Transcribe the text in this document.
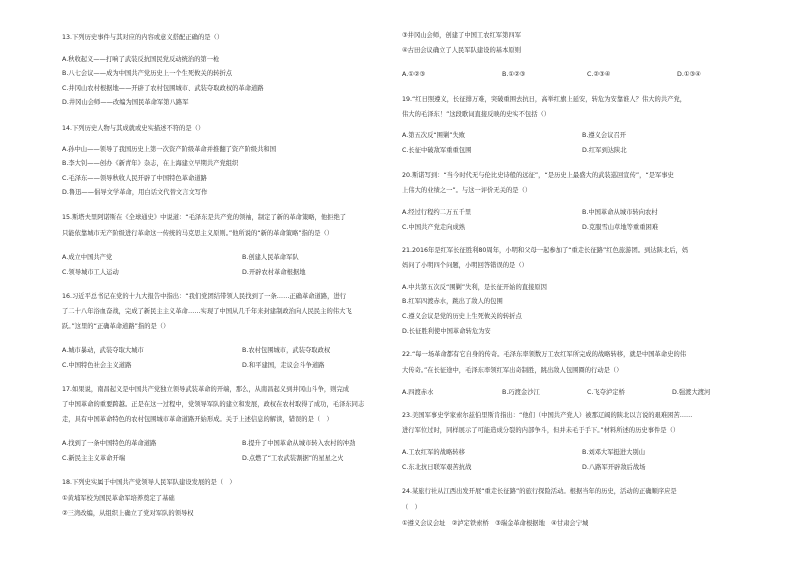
13.下列历史事件与其对应的内容或意义搭配正确的是（）
A.秋收起义——打响了武装反抗国民党反动统治的第一枪
B.八七会议——成为中国共产党历史上一个生死攸关的转折点
C.井冈山农村根据地——开辟了农村包围城市、武装夺取政权的革命道路
D.井冈山会师——改编为国民革命军第八路军
14.下列历史人物与其成就或史实描述不符的是（）
A.孙中山——领导了我国历史上第一次资产阶级革命并推翻了资产阶级共和国
B.李大钊——创办《新青年》杂志，在上海建立早期共产党组织
C.毛泽东——领导秋收人民开辟了中国特色革命道路
D.鲁迅——倡导文学革命，用白话文代替文言文写作
15.斯塔夫里阿诺斯在《全球通史》中说道：“毛泽东是共产党的领袖，制定了新的革命策略，他拒绝了
只能依靠城市无产阶级进行革命这一传统的马克思主义原则。”他所说的“新的革命策略”指的是（）
A.成立中国共产党	B.创建人民革命军队
C.领导城市工人运动	D.开辟农村革命根据地
16.习近平总书记在党的十九大报告中指出：“我们党团结带领人民找到了一条……正确革命道路，进行
了二十八年浴血奋战，完成了新民主主义革命……实现了中国从几千年来封建制政治向人民民主的伟大飞
跃。”这里的“正确革命道路”指的是（）
A.城市暴动，武装夺取大城市	B.农村包围城市，武装夺取政权
C.中国特色社会主义道路	D.和平建国，走议会斗争道路
17.如果说，南昌起义是中国共产党独立领导武装革命的开端，那么，从南昌起义到井冈山斗争，则完成
了中国革命的重要跨越。正是在这一过程中，党领导军队的建立和发展，政权在农村取得了成功，毛泽东同志
走，具有中国革命特色的农村包围城市革命道路开始形成。关于上述信息的解读，错误的是（　）
A.找到了一条中国特色的革命道路	B.提升了中国革命从城市转入农村的冲劲
C.新民主主义革命开端	D.点燃了“工农武装割据”的星星之火
18.下列史实属于中国共产党领导人民军队建设发展的是（　）
①黄埔军校为国民革命军培养奠定了基础
②三湾改编，从组织上确立了党对军队的领导权
③井冈山会师，创建了中国工农红军第四军
④古田会议确立了人民军队建设的基本原则
A.①②③	B.①②③	C.②③④	D.①③④
19.“红日照遵义，长征排万难，突破重围去抗日，高举红旗上延安，转危为安靠谁人？伟大的共产党，
伟大的毛泽东！”这段歌词直接反映的史实不包括（）
A.第五次反“围剿”失败	B.遵义会议召开
C.长征中破敌军重重包围	D.红军到达陕北
20.斯诺写到：“当今时代无与伦比史诗般的远征”，“是历史上最盛大的武装巡回宣传”，“是军事史
上伟大的业绩之一”。与这一评价无关的是（）
A.经过行程约二万五千里	B.中国革命从城市转向农村
C.中国共产党走向成熟	D.克服雪山草地等重重困难
21.2016年是红军长征胜利80周年，小明和父母一起参加了“重走长征路”红色旅游团。到达陕北后，妈
妈问了小明四个问题，小明回答错误的是（）
A.中共第五次反“围剿”失利，是长征开始的直接原因
B.红军四渡赤水，跳出了敌人的包围
C.遵义会议是党的历史上生死攸关的转折点
D.长征胜利使中国革命转危为安
22.“每一场革命都有它自身的传奇。毛泽东率领数万工农红军所完成的战略转移，就是中国革命史的伟
大传奇。”在长征途中，毛泽东率领红军出奇制胜，跳出敌人包围圈的行动是（）
A.四渡赤水	B.巧渡金沙江	C.飞夺泸定桥	D.强渡大渡河
23.美国军事史学家索尔兹伯里斯肯指出：“他们（中国共产党人）被那辽阔的陕北以言说的艰难困苦……
进行军位过时，同样展示了可能造成分裂的内部争斗，但并未毛于手下。”材料所述的历史事件是（）
A.工农红军的战略转移	B.刘邓大军挺进大别山
C.东北抗日联军艰苦抗战	D.八路军开辟敌后战场
24.某旅行社从江西出发开展“重走长征路”的旅行探险活动。根据当年的历史，活动的正确顺序应是
（　）
①遵义会议会址　②泸定铁索桥　③瑞金革命根据地　④甘肃会宁城
